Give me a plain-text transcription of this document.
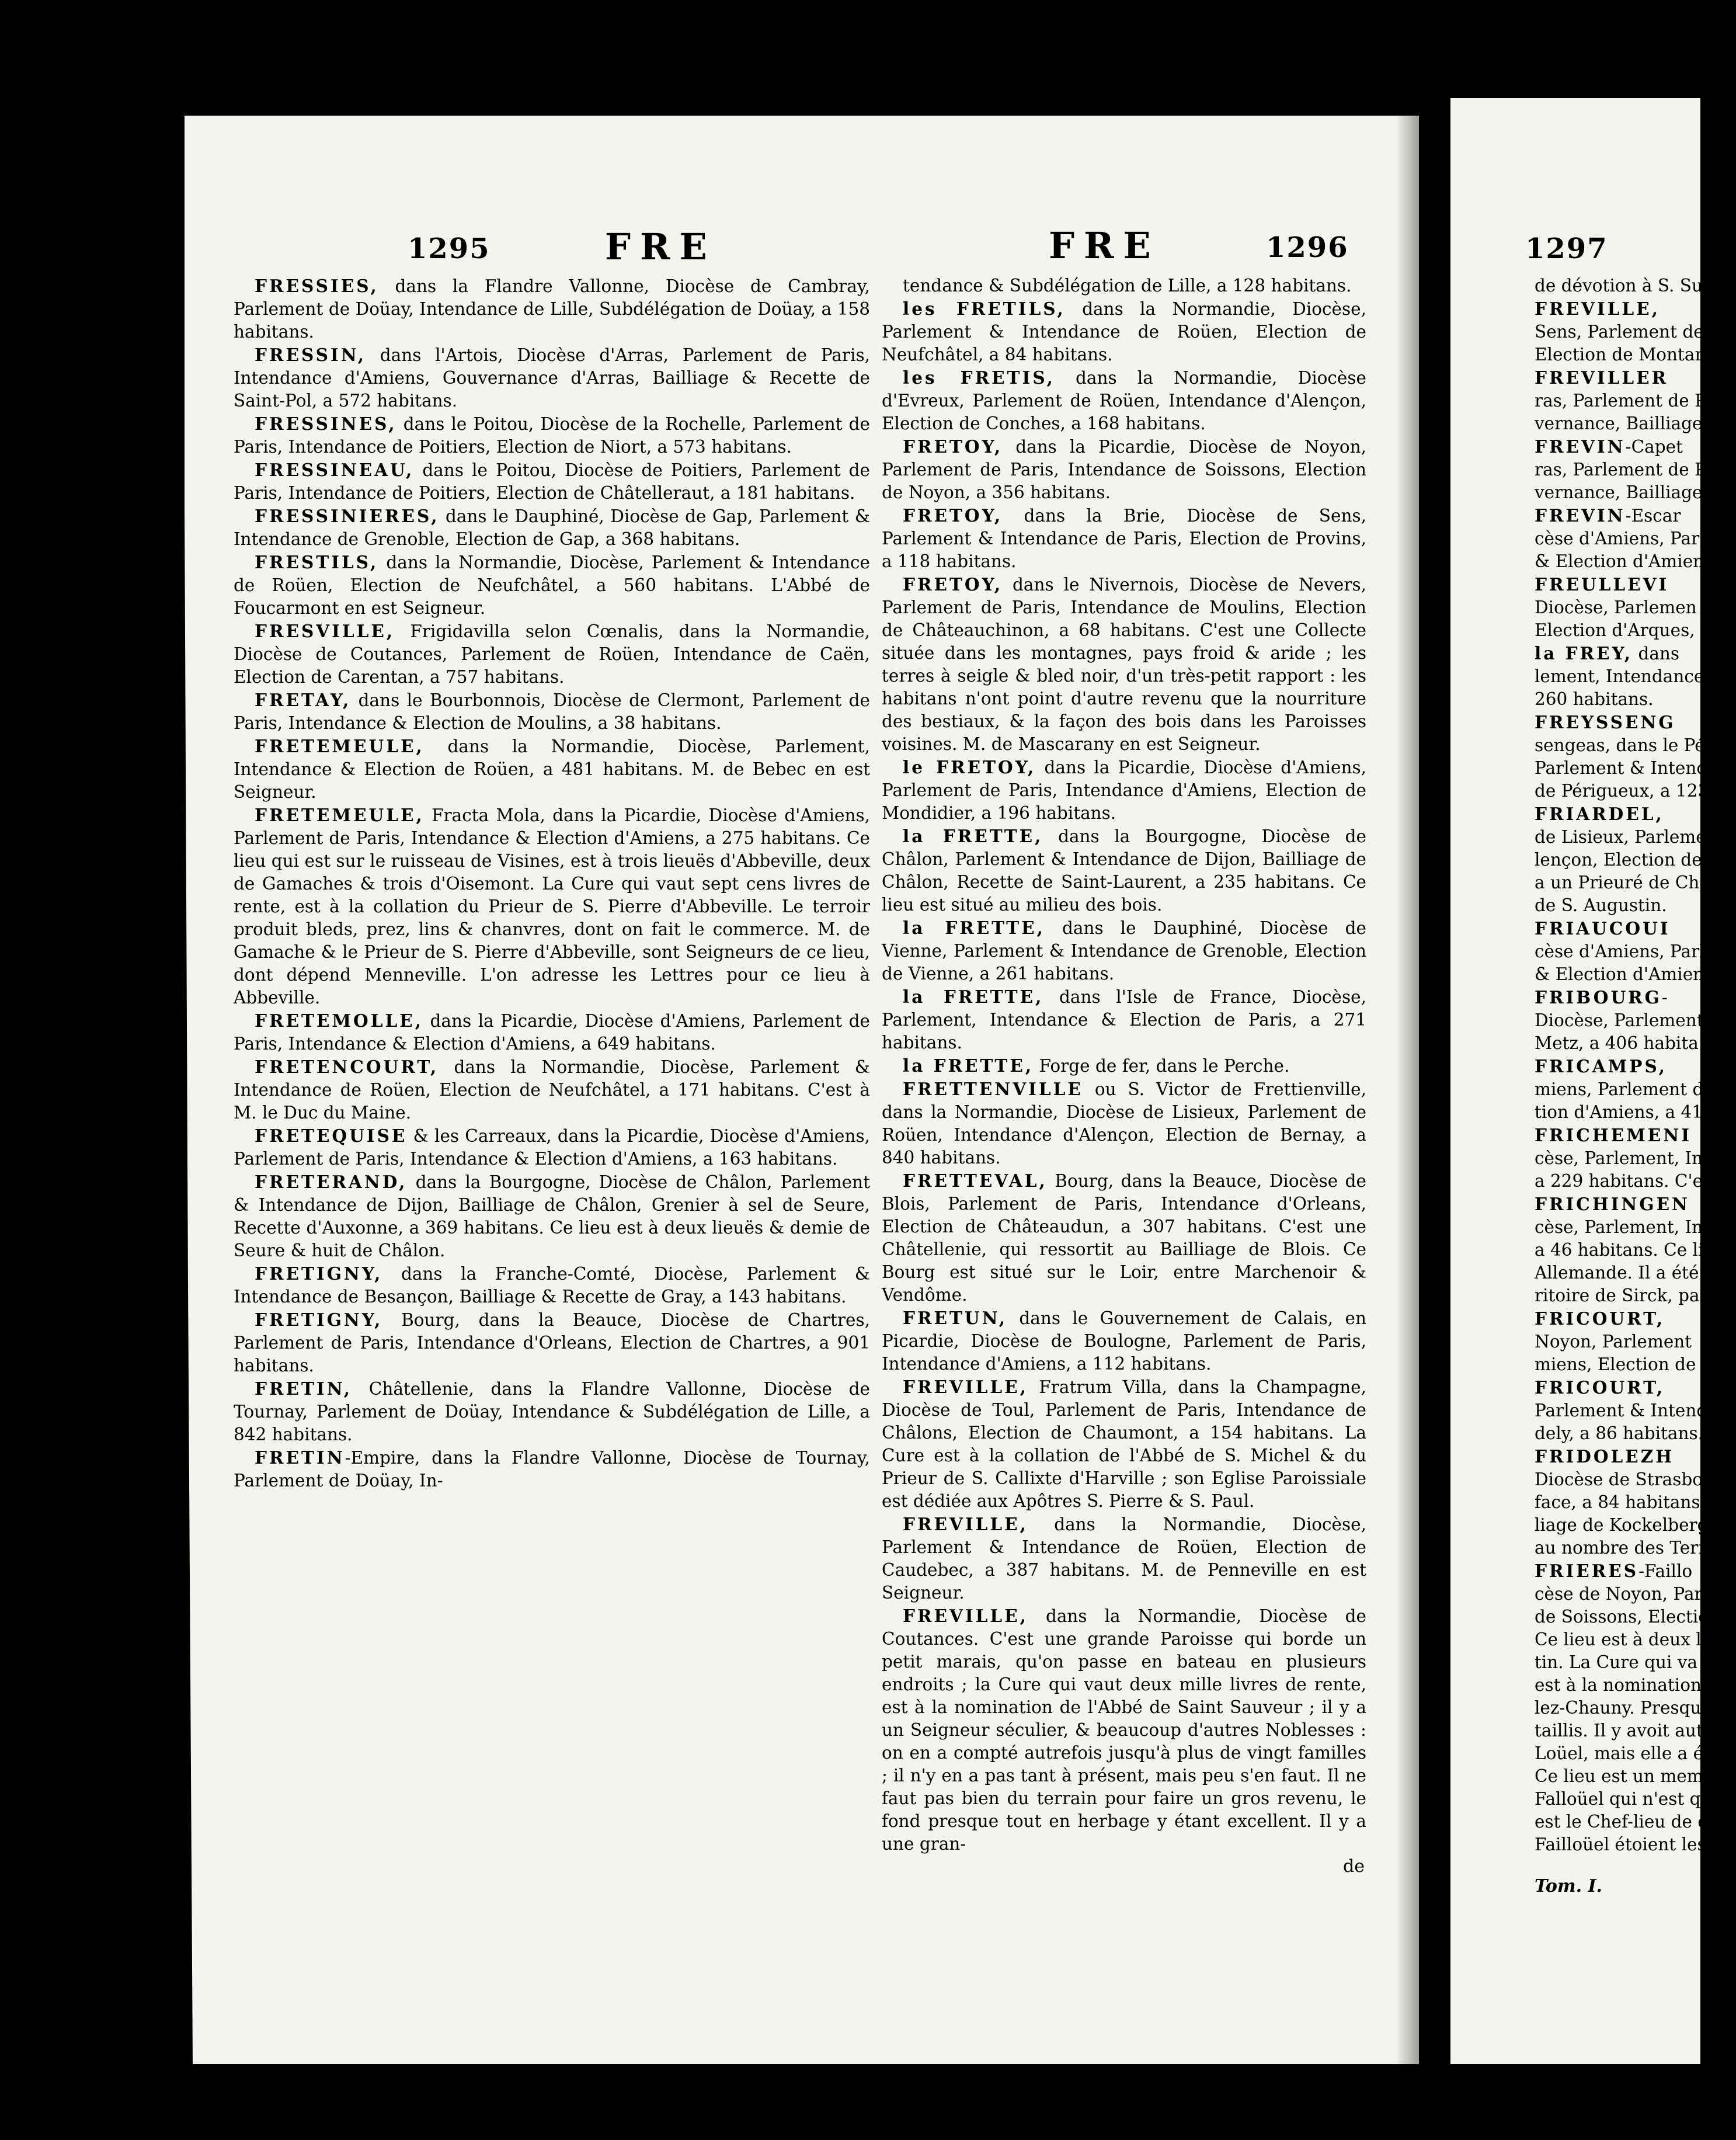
1295	FRE	FRE	1296	1297

FRESSIES, dans la Flandre Vallonne, Diocèse de Cambray, Parlement de Doüay, Intendance de Lille, Subdélégation de Doüay, a 158 habitans.

FRESSIN, dans l'Artois, Diocèse d'Arras, Parlement de Paris, Intendance d'Amiens, Gouvernance d'Arras, Bailliage & Recette de Saint-Pol, a 572 habitans.

FRESSINES, dans le Poitou, Diocèse de la Rochelle, Parlement de Paris, Intendance de Poitiers, Election de Niort, a 573 habitans.

FRESSINEAU, dans le Poitou, Diocèse de Poitiers, Parlement de Paris, Intendance de Poitiers, Election de Châtelleraut, a 181 habitans.

FRESSINIERES, dans le Dauphiné, Diocèse de Gap, Parlement & Intendance de Grenoble, Election de Gap, a 368 habitans.

FRESTILS, dans la Normandie, Diocèse, Parlement & Intendance de Roüen, Election de Neufchâtel, a 560 habitans. L'Abbé de Foucarmont en est Seigneur.

FRESVILLE, Frigidavilla selon Cœnalis, dans la Normandie, Diocèse de Coutances, Parlement de Roüen, Intendance de Caën, Election de Carentan, a 757 habitans.

FRETAY, dans le Bourbonnois, Diocèse de Clermont, Parlement de Paris, Intendance & Election de Moulins, a 38 habitans.

FRETEMEULE, dans la Normandie, Diocèse, Parlement, Intendance & Election de Roüen, a 481 habitans. M. de Bebec en est Seigneur.

FRETEMEULE, Fracta Mola, dans la Picardie, Diocèse d'Amiens, Parlement de Paris, Intendance & Election d'Amiens, a 275 habitans. Ce lieu qui est sur le ruisseau de Visines, est à trois lieuës d'Abbeville, deux de Gamaches & trois d'Oisemont. La Cure qui vaut sept cens livres de rente, est à la collation du Prieur de S. Pierre d'Abbeville. Le terroir produit bleds, prez, lins & chanvres, dont on fait le commerce. M. de Gamache & le Prieur de S. Pierre d'Abbeville, sont Seigneurs de ce lieu, dont dépend Menneville. L'on adresse les Lettres pour ce lieu à Abbeville.

FRETEMOLLE, dans la Picardie, Diocèse d'Amiens, Parlement de Paris, Intendance & Election d'Amiens, a 649 habitans.

FRETENCOURT, dans la Normandie, Diocèse, Parlement & Intendance de Roüen, Election de Neufchâtel, a 171 habitans. C'est à M. le Duc du Maine.

FRETEQUISE & les Carreaux, dans la Picardie, Diocèse d'Amiens, Parlement de Paris, Intendance & Election d'Amiens, a 163 habitans.

FRETERAND, dans la Bourgogne, Diocèse de Châlon, Parlement & Intendance de Dijon, Bailliage de Châlon, Grenier à sel de Seure, Recette d'Auxonne, a 369 habitans. Ce lieu est à deux lieuës & demie de Seure & huit de Châlon.

FRETIGNY, dans la Franche-Comté, Diocèse, Parlement & Intendance de Besançon, Bailliage & Recette de Gray, a 143 habitans.

FRETIGNY, Bourg, dans la Beauce, Diocèse de Chartres, Parlement de Paris, Intendance d'Orleans, Election de Chartres, a 901 habitans.

FRETIN, Châtellenie, dans la Flandre Vallonne, Diocèse de Tournay, Parlement de Doüay, Intendance & Subdélégation de Lille, a 842 habitans.

FRETIN-Empire, dans la Flandre Vallonne, Diocèse de Tournay, Parlement de Doüay, In-

tendance & Subdélégation de Lille, a 128 habitans.

les FRETILS, dans la Normandie, Diocèse, Parlement & Intendance de Roüen, Election de Neufchâtel, a 84 habitans.

les FRETIS, dans la Normandie, Diocèse d'Evreux, Parlement de Roüen, Intendance d'Alençon, Election de Conches, a 168 habitans.

FRETOY, dans la Picardie, Diocèse de Noyon, Parlement de Paris, Intendance de Soissons, Election de Noyon, a 356 habitans.

FRETOY, dans la Brie, Diocèse de Sens, Parlement & Intendance de Paris, Election de Provins, a 118 habitans.

FRETOY, dans le Nivernois, Diocèse de Nevers, Parlement de Paris, Intendance de Moulins, Election de Châteauchinon, a 68 habitans. C'est une Collecte située dans les montagnes, pays froid & aride ; les terres à seigle & bled noir, d'un très-petit rapport : les habitans n'ont point d'autre revenu que la nourriture des bestiaux, & la façon des bois dans les Paroisses voisines. M. de Mascarany en est Seigneur.

le FRETOY, dans la Picardie, Diocèse d'Amiens, Parlement de Paris, Intendance d'Amiens, Election de Mondidier, a 196 habitans.

la FRETTE, dans la Bourgogne, Diocèse de Châlon, Parlement & Intendance de Dijon, Bailliage de Châlon, Recette de Saint-Laurent, a 235 habitans. Ce lieu est situé au milieu des bois.

la FRETTE, dans le Dauphiné, Diocèse de Vienne, Parlement & Intendance de Grenoble, Election de Vienne, a 261 habitans.

la FRETTE, dans l'Isle de France, Diocèse, Parlement, Intendance & Election de Paris, a 271 habitans.

la FRETTE, Forge de fer, dans le Perche.

FRETTENVILLE ou S. Victor de Frettienville, dans la Normandie, Diocèse de Lisieux, Parlement de Roüen, Intendance d'Alençon, Election de Bernay, a 840 habitans.

FRETTEVAL, Bourg, dans la Beauce, Diocèse de Blois, Parlement de Paris, Intendance d'Orleans, Election de Châteaudun, a 307 habitans. C'est une Châtellenie, qui ressortit au Bailliage de Blois. Ce Bourg est situé sur le Loir, entre Marchenoir & Vendôme.

FRETUN, dans le Gouvernement de Calais, en Picardie, Diocèse de Boulogne, Parlement de Paris, Intendance d'Amiens, a 112 habitans.

FREVILLE, Fratrum Villa, dans la Champagne, Diocèse de Toul, Parlement de Paris, Intendance de Châlons, Election de Chaumont, a 154 habitans. La Cure est à la collation de l'Abbé de S. Michel & du Prieur de S. Callixte d'Harville ; son Eglise Paroissiale est dédiée aux Apôtres S. Pierre & S. Paul.

FREVILLE, dans la Normandie, Diocèse, Parlement & Intendance de Roüen, Election de Caudebec, a 387 habitans. M. de Penneville en est Seigneur.

FREVILLE, dans la Normandie, Diocèse de Coutances. C'est une grande Paroisse qui borde un petit marais, qu'on passe en bateau en plusieurs endroits ; la Cure qui vaut deux mille livres de rente, est à la nomination de l'Abbé de Saint Sauveur ; il y a un Seigneur séculier, & beaucoup d'autres Noblesses : on en a compté autrefois jusqu'à plus de vingt familles ; il n'y en a pas tant à présent, mais peu s'en faut. Il ne faut pas bien du terrain pour faire un gros revenu, le fond presque tout en herbage y étant excellent. Il y a une gran-

de dévotion à S. Su

FREVILLE,

Sens, Parlement de

Election de Montar

FREVILLER

ras, Parlement de Par

vernance, Bailliage &

FREVIN-Capet

ras, Parlement de Par

vernance, Bailliage &

FREVIN-Escar

cèse d'Amiens, Par

& Election d'Amien

FREULLEVI

Diocèse, Parlemen

Election d'Arques,

la FREY, dans

lement, Intendance

260 habitans.

FREYSSENG

sengeas, dans le Péri

Parlement & Intenc

de Périgueux, a 123

FRIARDEL,

de Lisieux, Parlemen

lençon, Election de

a un Prieuré de Cha

de S. Augustin.

FRIAUCOUI

cèse d'Amiens, Parl

& Election d'Amien

FRIBOURG-

Diocèse, Parlement

Metz, a 406 habita

FRICAMPS,

miens, Parlement de

tion d'Amiens, a 41

FRICHEMENI

cèse, Parlement, Inte

a 229 habitans. C'es

FRICHINGEN

cèse, Parlement, Int

a 46 habitans. Ce li

Allemande. Il a été u

ritoire de Sirck, par

FRICOURT,

Noyon, Parlement

miens, Election de

FRICOURT,

Parlement & Intendan

dely, a 86 habitans. N

FRIDOLEZH

Diocèse de Strasbourg

face, a 84 habitans.

liage de Kockelberg,

au nombre des Terre

FRIERES-Faillo

cèse de Noyon, Par

de Soissons, Election

Ce lieu est à deux lieu

tin. La Cure qui va

est à la nomination c

lez-Chauny. Presque

taillis. Il y avoit aut

Loüel, mais elle a été e

Ce lieu est un memb

Falloüel qui n'est que

est le Chef-lieu de c

Failloüel étoient les pl

de
Tom. I.
